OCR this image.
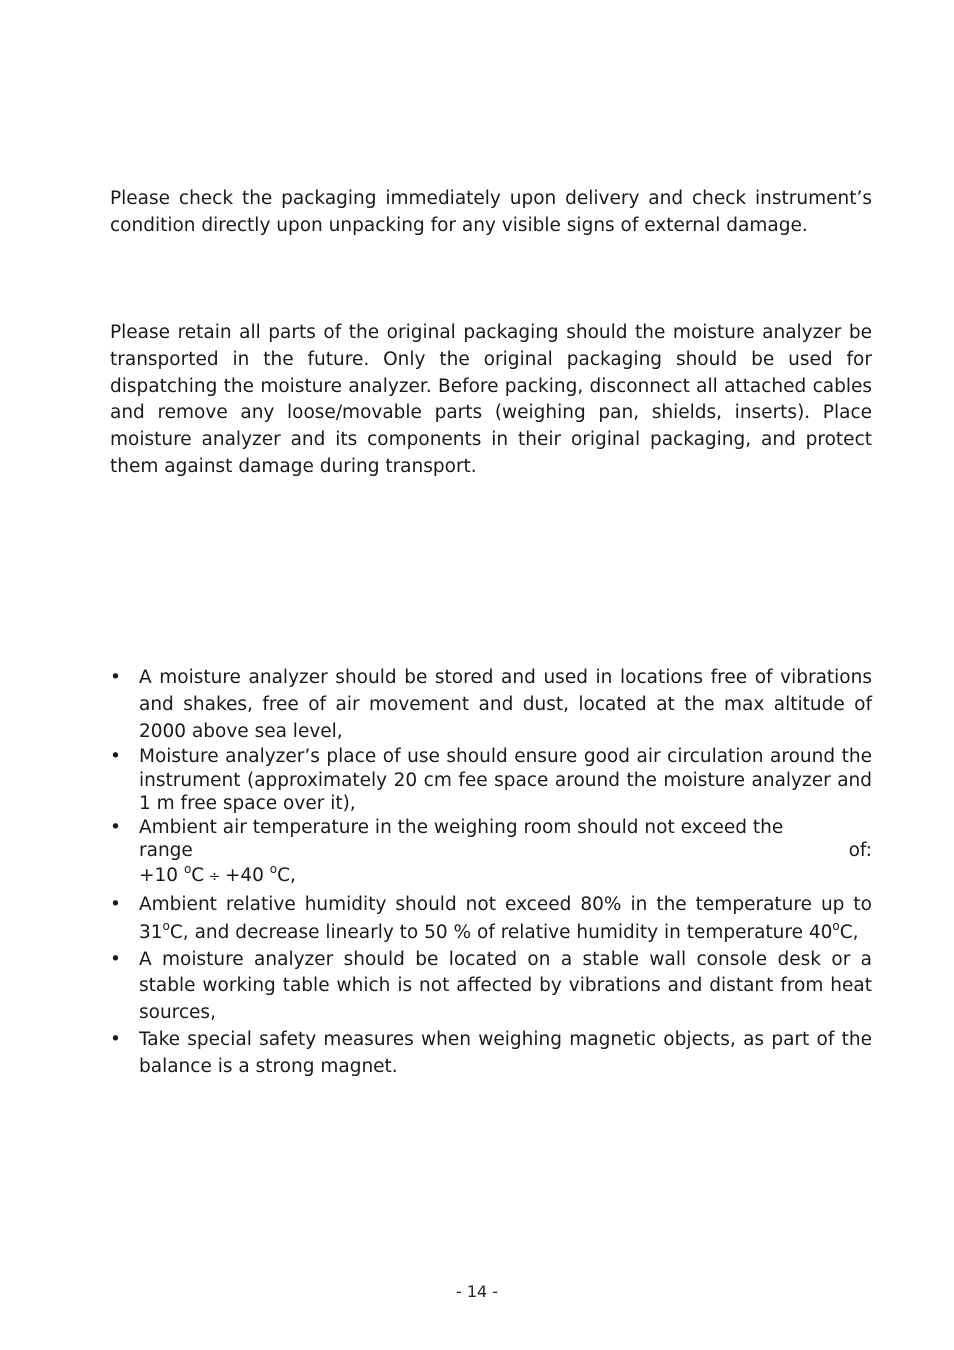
Please check the packaging immediately upon delivery and check instrument’s condition directly upon unpacking for any visible signs of external damage.

Please retain all parts of the original packaging should the moisture analyzer be transported in the future. Only the original packaging should be used for dispatching the moisture analyzer. Before packing, disconnect all attached cables and remove any loose/movable parts (weighing pan, shields, inserts). Place moisture analyzer and its components in their original packaging, and protect them against damage during transport.

• A moisture analyzer should be stored and used in locations free of vibrations and shakes, free of air movement and dust, located at the max altitude of 2000 above sea level,
• Moisture analyzer’s place of use should ensure good air circulation around the instrument (approximately 20 cm fee space around the moisture analyzer and 1 m free space over it),
• Ambient air temperature in the weighing room should not exceed the
range	of:
+10 $^o$C ÷ +40 $^o$C,
• Ambient relative humidity should not exceed 80% in the temperature up to 31$^o$C, and decrease linearly to 50 % of relative humidity in temperature 40$^o$C,
• A moisture analyzer should be located on a stable wall console desk or a stable working table which is not affected by vibrations and distant from heat sources,
• Take special safety measures when weighing magnetic objects, as part of the balance is a strong magnet.
- 14 -
